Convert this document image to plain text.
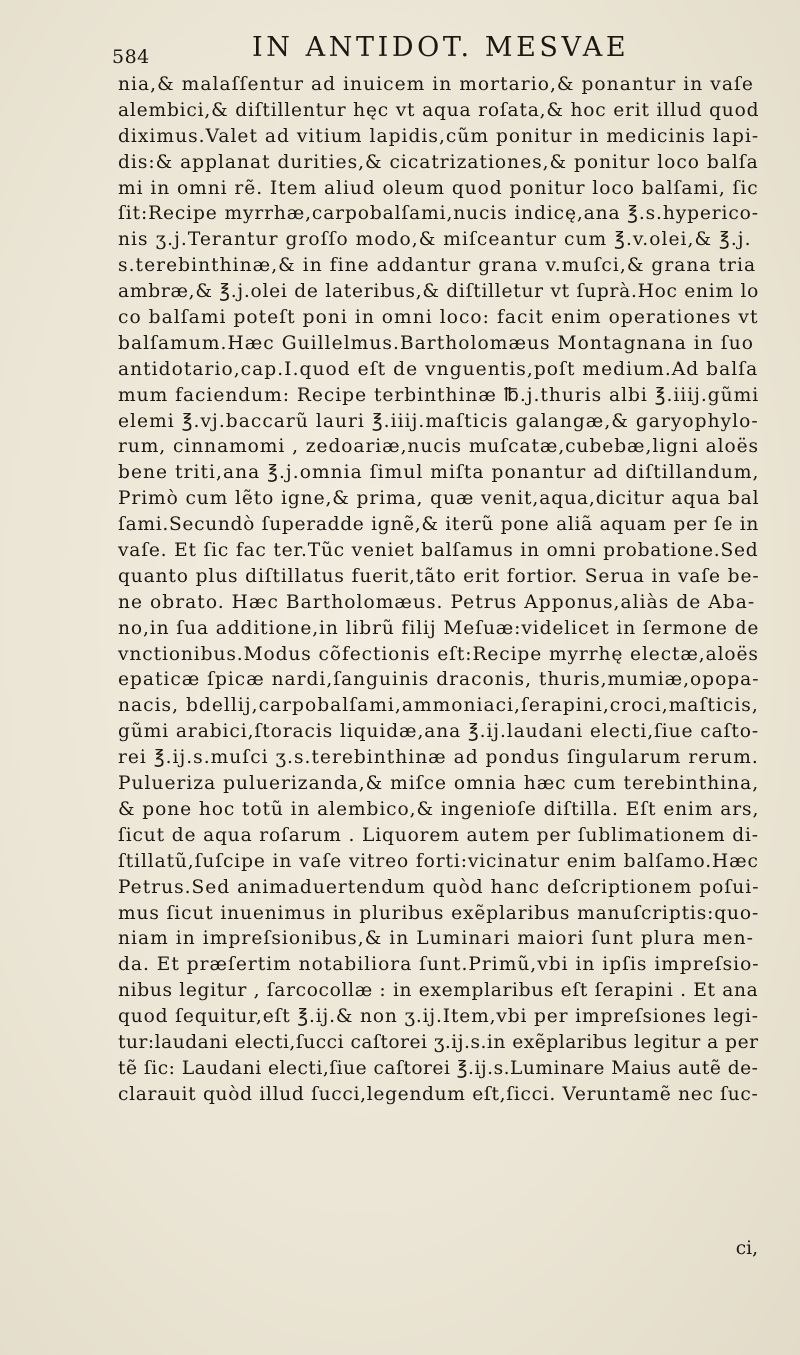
584	IN ANTIDOT. MESVAE
nia,& malaſſentur ad inuicem in mortario,& ponantur in vaſe
alembici,& diſtillentur hęc vt aqua roſata,& hoc erit illud quod
diximus.Valet ad vitium lapidis,cũm ponitur in medicinis lapi-
dis:& applanat durities,& cicatrizationes,& ponitur loco balſa
mi in omni rẽ. Item aliud oleum quod ponitur loco balſami, ſic
ſit:Recipe myrrhæ,carpobalſami,nucis indicę,ana ℥.s.hyperico-
nis ʒ.j.Terantur groſſo modo,& miſceantur cum ℥.v.olei,& ℥.j.
s.terebinthinæ,& in fine addantur grana v.muſci,& grana tria
ambræ,& ℥.j.olei de lateribus,& diſtilletur vt ſuprà.Hoc enim lo
co balſami poteſt poni in omni loco: facit enim operationes vt
balſamum.Hæc Guillelmus.Bartholomæus Montagnana in ſuo
antidotario,cap.I.quod eſt de vnguentis,poſt medium.Ad balſa
mum faciendum: Recipe terbinthinæ ℔.j.thuris albi ℥.iiij.gũmi
elemi ℥.vj.baccarũ lauri ℥.iiij.maſticis galangæ,& garyophylo-
rum, cinnamomi , zedoariæ,nucis muſcatæ,cubebæ,ligni aloës
bene triti,ana ℥.j.omnia ſimul miſta ponantur ad diſtillandum,
Primò cum lẽto igne,& prima, quæ venit,aqua,dicitur aqua bal
ſami.Secundò ſuperadde ignẽ,& iterũ pone aliã aquam per ſe in
vaſe. Et ſic fac ter.Tũc veniet balſamus in omni probatione.Sed
quanto plus diſtillatus fuerit,tãto erit fortior. Serua in vaſe be-
ne obrato. Hæc Bartholomæus. Petrus Apponus,aliàs de Aba-
no,in ſua additione,in librũ filij Meſuæ:videlicet in ſermone de
vnctionibus.Modus cõfectionis eſt:Recipe myrrhę electæ,aloës
epaticæ ſpicæ nardi,ſanguinis draconis, thuris,mumiæ,opopa-
nacis, bdellij,carpobalſami,ammoniaci,ſerapini,croci,maſticis,
gũmi arabici,ſtoracis liquidæ,ana ℥.ij.laudani electi,ſiue caſto-
rei ℥.ij.s.muſci ʒ.s.terebinthinæ ad pondus ſingularum rerum.
Pulueriza puluerizanda,& miſce omnia hæc cum terebinthina,
& pone hoc totũ in alembico,& ingenioſe diſtilla. Eſt enim ars,
ſicut de aqua roſarum . Liquorem autem per ſublimationem di-
ſtillatũ,ſuſcipe in vaſe vitreo forti:vicinatur enim balſamo.Hæc
Petrus.Sed animaduertendum quòd hanc deſcriptionem poſui-
mus ſicut inuenimus in pluribus exẽplaribus manuſcriptis:quo-
niam in impreſsionibus,& in Luminari maiori ſunt plura men-
da. Et præſertim notabiliora ſunt.Primũ,vbi in ipſis impreſsio-
nibus legitur , ſarcocollæ : in exemplaribus eſt ſerapini . Et ana
quod ſequitur,eſt ℥.ij.& non ʒ.ij.Item,vbi per impreſsiones legi-
tur:laudani electi,ſucci caſtorei ʒ.ij.s.in exẽplaribus legitur a per
tẽ ſic: Laudani electi,ſiue caſtorei ℥.ij.s.Luminare Maius autẽ de-
clarauit quòd illud ſucci,legendum eſt,ſicci. Veruntamẽ nec ſuc-
ci,
